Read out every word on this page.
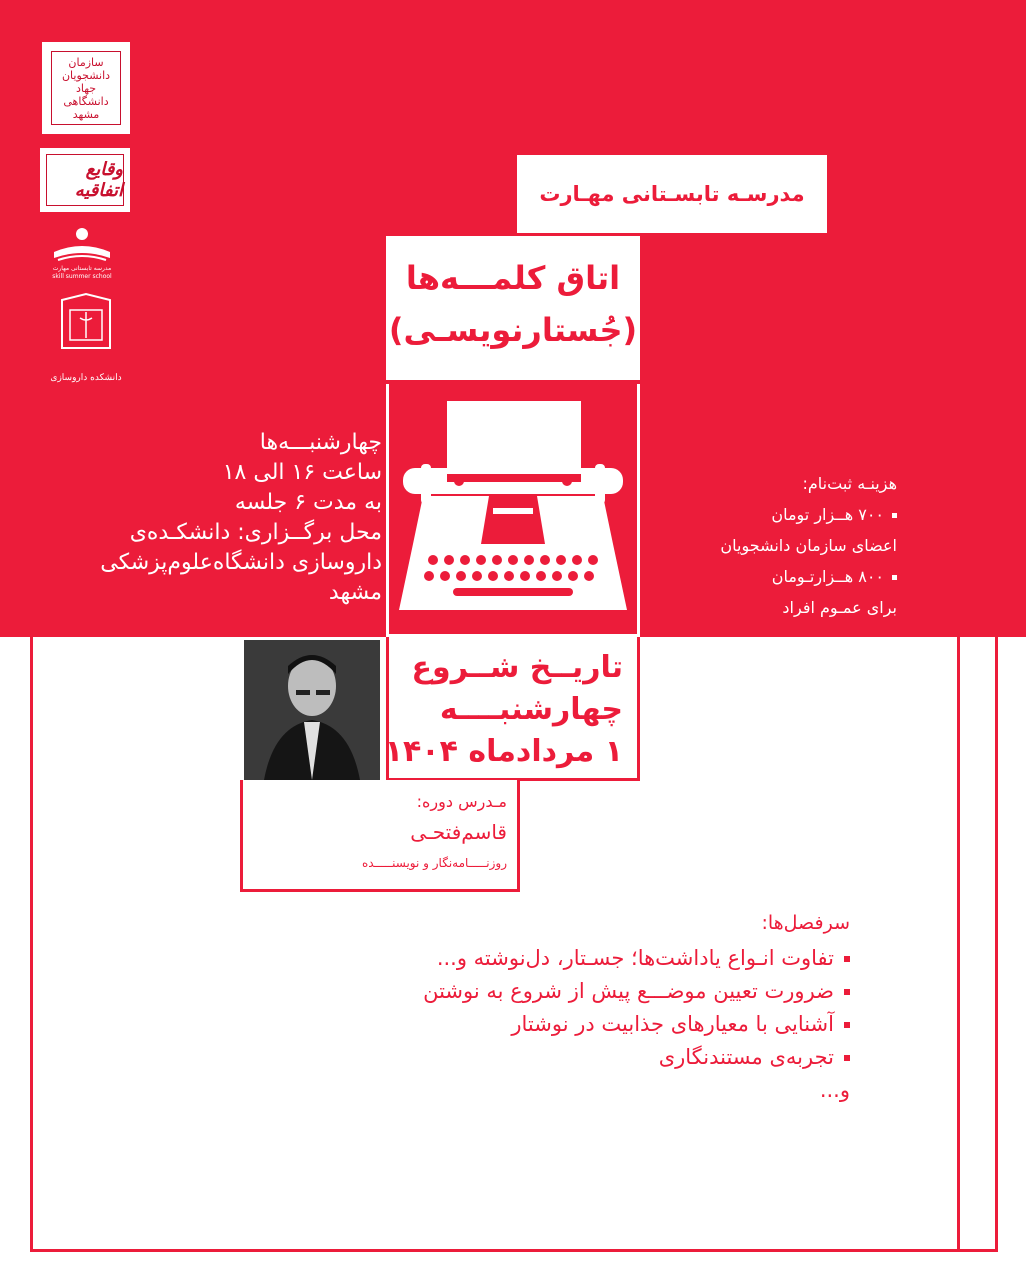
سازمان
دانشجویان
جهاد
دانشگاهی
مشهد
وقایع اتفاقیه
مدرسه تابستانی مهارت
skill summer school
دانشکده داروسازی
مدرسـه تابسـتانی مهـارت
اتاق کلمـــه‌ها
(جُستارنویسـی)
چهارشنبـــه‌ها
ساعت ۱۶ الی ۱۸
به مدت ۶ جلسه
محل برگــزاری: دانشکـده‌ی
داروسازی دانشگاه‌علوم‌پزشکی
مشهد
هزینـه ثبت‌نام:
۷۰۰ هــزار تومان
اعضای سازمان دانشجویان
۸۰۰ هــزارتـومان
برای عمـوم افراد
تاریــخ شــروع
چهارشنبــــه
۱ مردادماه ۱۴۰۴
مـدرس دوره:
قاسم‌فتحـی
روزنـــــامه‌نگار و نویسنـــــده
سرفصل‌ها:
تفاوت انـواع یاداشت‌ها؛ جسـتار، دل‌نوشته و...
ضرورت تعیین موضـــع پیش از شروع به نوشتن
آشنایی با معیارهای جذابیت در نوشتار
تجربه‌ی مستندنگاری
و...
